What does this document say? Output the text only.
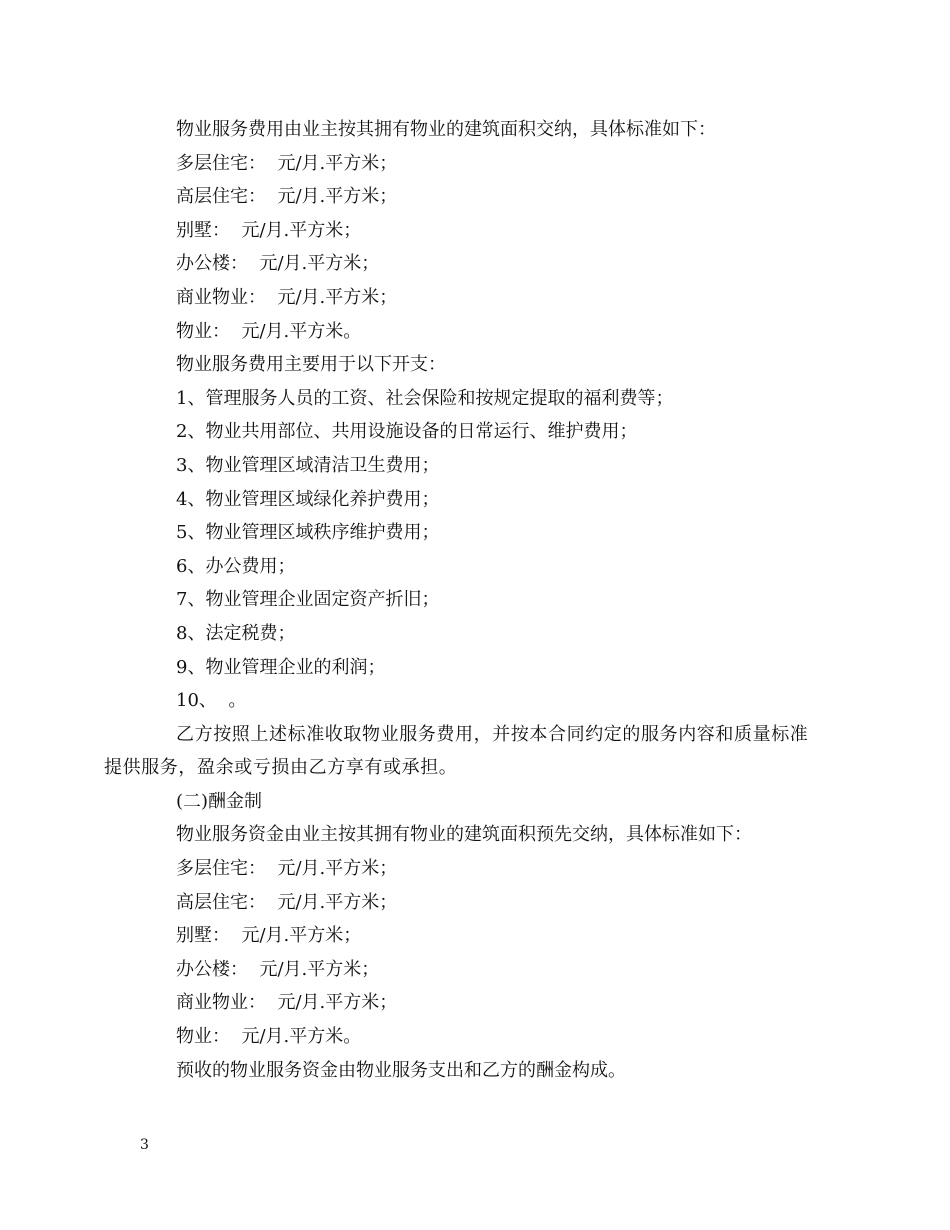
物业服务费用由业主按其拥有物业的建筑面积交纳，具体标准如下：
多层住宅：  元/月.平方米；
高层住宅：  元/月.平方米；
别墅：  元/月.平方米；
办公楼：  元/月.平方米；
商业物业：  元/月.平方米；
物业：  元/月.平方米。
物业服务费用主要用于以下开支：
1、管理服务人员的工资、社会保险和按规定提取的福利费等；
2、物业共用部位、共用设施设备的日常运行、维护费用；
3、物业管理区域清洁卫生费用；
4、物业管理区域绿化养护费用；
5、物业管理区域秩序维护费用；
6、办公费用；
7、物业管理企业固定资产折旧；
8、法定税费；
9、物业管理企业的利润；
10、  。
乙方按照上述标准收取物业服务费用，并按本合同约定的服务内容和质量标准
提供服务，盈余或亏损由乙方享有或承担。
(二)酬金制
物业服务资金由业主按其拥有物业的建筑面积预先交纳，具体标准如下：
多层住宅：  元/月.平方米；
高层住宅：  元/月.平方米；
别墅：  元/月.平方米；
办公楼：  元/月.平方米；
商业物业：  元/月.平方米；
物业：  元/月.平方米。
预收的物业服务资金由物业服务支出和乙方的酬金构成。
3
